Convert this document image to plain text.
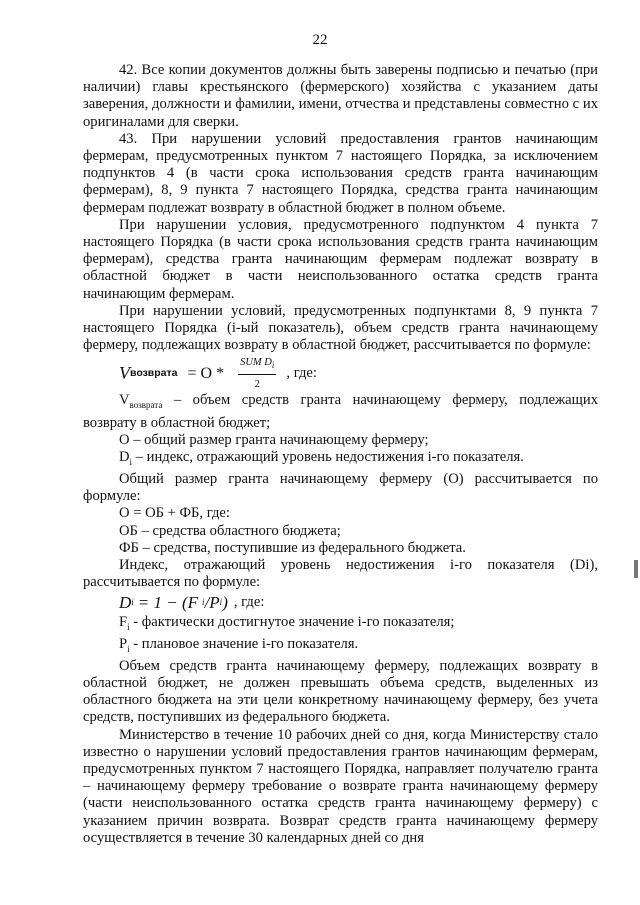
22

42. Все копии документов должны быть заверены подписью и печатью (при наличии) главы крестьянского (фермерского) хозяйства с указанием даты заверения, должности и фамилии, имени, отчества и представлены совместно с их оригиналами для сверки.

43. При нарушении условий предоставления грантов начинающим фермерам, предусмотренных пунктом 7 настоящего Порядка, за исключением подпунктов 4 (в части срока использования средств гранта начинающим фермерам), 8, 9 пункта 7 настоящего Порядка, средства гранта начинающим фермерам подлежат возврату в областной бюджет в полном объеме.

При нарушении условия, предусмотренного подпунктом 4 пункта 7 настоящего Порядка (в части срока использования средств гранта начинающим фермерам), средства гранта начинающим фермерам подлежат возврату в областной бюджет в части неиспользованного остатка средств гранта начинающим фермерам.

При нарушении условий, предусмотренных подпунктами 8, 9 пункта 7 настоящего Порядка (i-ый показатель), объем средств гранта начинающему фермеру, подлежащих возврату в областной бюджет, рассчитывается по формуле:

V возврата = O * $\frac{SUM D_i}{2}$ , где:

$V_{возврата}$ – объем средств гранта начинающему фермеру, подлежащих возврату в областной бюджет;

О – общий размер гранта начинающему фермеру;

$D_i$ – индекс, отражающий уровень недостижения i-го показателя.

Общий размер гранта начинающему фермеру (О) рассчитывается по формуле:

О = ОБ + ФБ, где:

ОБ – средства областного бюджета;

ФБ – средства, поступившие из федерального бюджета.

Индекс, отражающий уровень недостижения i-го показателя (Di), рассчитывается по формуле:

D i = 1 − (F i /P i ) , где:

$F_i$ - фактически достигнутое значение i-го показателя;

$P_i$ - плановое значение i-го показателя.

Объем средств гранта начинающему фермеру, подлежащих возврату в областной бюджет, не должен превышать объема средств, выделенных из областного бюджета на эти цели конкретному начинающему фермеру, без учета средств, поступивших из федерального бюджета.

Министерство в течение 10 рабочих дней со дня, когда Министерству стало известно о нарушении условий предоставления грантов начинающим фермерам, предусмотренных пунктом 7 настоящего Порядка, направляет получателю гранта – начинающему фермеру требование о возврате гранта начинающему фермеру (части неиспользованного остатка средств гранта начинающему фермеру) с указанием причин возврата. Возврат средств гранта начинающему фермеру осуществляется в течение 30 календарных дней со дня
